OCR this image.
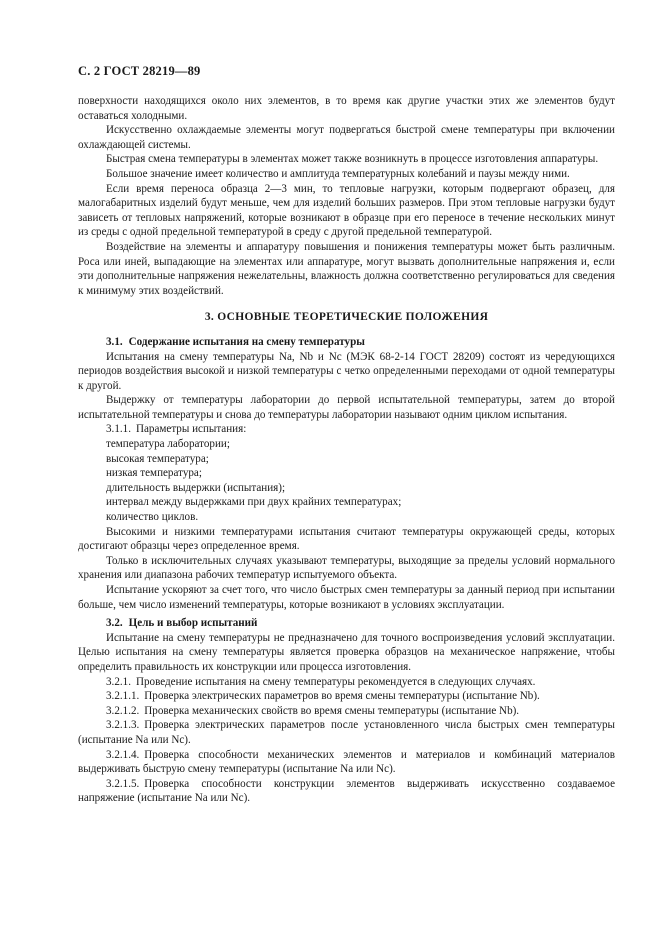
С. 2 ГОСТ 28219—89

поверхности находящихся около них элементов, в то время как другие участки этих же элементов будут оставаться холодными.

Искусственно охлаждаемые элементы могут подвергаться быстрой смене температуры при включении охлаждающей системы.

Быстрая смена температуры в элементах может также возникнуть в процессе изготовления аппаратуры.

Большое значение имеет количество и амплитуда температурных колебаний и паузы между ними.

Если время переноса образца 2—3 мин, то тепловые нагрузки, которым подвергают образец, для малогабаритных изделий будут меньше, чем для изделий больших размеров. При этом тепловые нагрузки будут зависеть от тепловых напряжений, которые возникают в образце при его переносе в течение нескольких минут из среды с одной предельной температурой в среду с другой предельной температурой.

Воздействие на элементы и аппаратуру повышения и понижения температуры может быть различным. Роса или иней, выпадающие на элементах или аппаратуре, могут вызвать дополнительные напряжения и, если эти дополнительные напряжения нежелательны, влажность должна соответственно регулироваться для сведения к минимуму этих воздействий.

3. ОСНОВНЫЕ ТЕОРЕТИЧЕСКИЕ ПОЛОЖЕНИЯ

3.1. Содержание испытания на смену температуры

Испытания на смену температуры Na, Nb и Nc (МЭК 68-2-14 ГОСТ 28209) состоят из чередующихся периодов воздействия высокой и низкой температуры с четко определенными переходами от одной температуры к другой.

Выдержку от температуры лаборатории до первой испытательной температуры, затем до второй испытательной температуры и снова до температуры лаборатории называют одним циклом испытания.

3.1.1. Параметры испытания:

температура лаборатории;

высокая температура;

низкая температура;

длительность выдержки (испытания);

интервал между выдержками при двух крайних температурах;

количество циклов.

Высокими и низкими температурами испытания считают температуры окружающей среды, которых достигают образцы через определенное время.

Только в исключительных случаях указывают температуры, выходящие за пределы условий нормального хранения или диапазона рабочих температур испытуемого объекта.

Испытание ускоряют за счет того, что число быстрых смен температуры за данный период при испытании больше, чем число изменений температуры, которые возникают в условиях эксплуатации.

3.2. Цель и выбор испытаний

Испытание на смену температуры не предназначено для точного воспроизведения условий эксплуатации. Целью испытания на смену температуры является проверка образцов на механическое напряжение, чтобы определить правильность их конструкции или процесса изготовления.

3.2.1. Проведение испытания на смену температуры рекомендуется в следующих случаях.

3.2.1.1. Проверка электрических параметров во время смены температуры (испытание Nb).

3.2.1.2. Проверка механических свойств во время смены температуры (испытание Nb).

3.2.1.3. Проверка электрических параметров после установленного числа быстрых смен температуры (испытание Na или Nc).

3.2.1.4. Проверка способности механических элементов и материалов и комбинаций материалов выдерживать быструю смену температуры (испытание Na или Nc).

3.2.1.5. Проверка способности конструкции элементов выдерживать искусственно создаваемое напряжение (испытание Na или Nc).
